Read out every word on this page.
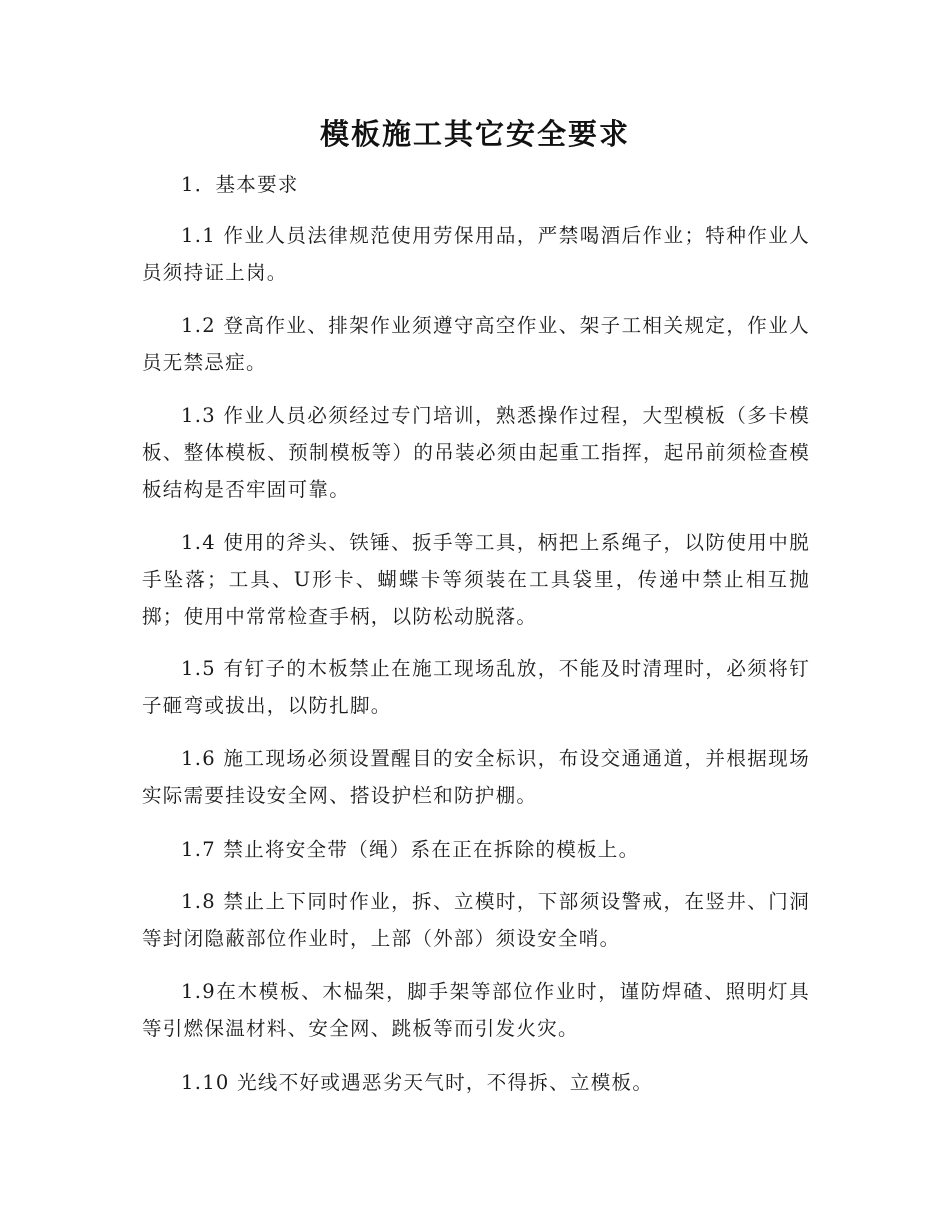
模板施工其它安全要求

1．基本要求

1.1 作业人员法律规范使用劳保用品，严禁喝酒后作业；特种作业人员须持证上岗。

1.2 登高作业、排架作业须遵守高空作业、架子工相关规定，作业人员无禁忌症。

1.3 作业人员必须经过专门培训，熟悉操作过程，大型模板（多卡模板、整体模板、预制模板等）的吊装必须由起重工指挥，起吊前须检查模板结构是否牢固可靠。

1.4 使用的斧头、铁锤、扳手等工具，柄把上系绳子，以防使用中脱手坠落；工具、U形卡、蝴蝶卡等须装在工具袋里，传递中禁止相互抛掷；使用中常常检查手柄，以防松动脱落。

1.5 有钉子的木板禁止在施工现场乱放，不能及时清理时，必须将钉子砸弯或拔出，以防扎脚。

1.6 施工现场必须设置醒目的安全标识，布设交通通道，并根据现场实际需要挂设安全网、搭设护栏和防护棚。

1.7 禁止将安全带（绳）系在正在拆除的模板上。

1.8 禁止上下同时作业，拆、立模时，下部须设警戒，在竖井、门洞等封闭隐蔽部位作业时，上部（外部）须设安全哨。

1.9在木模板、木榀架，脚手架等部位作业时，谨防焊碴、照明灯具等引燃保温材料、安全网、跳板等而引发火灾。

1.10 光线不好或遇恶劣天气时，不得拆、立模板。
